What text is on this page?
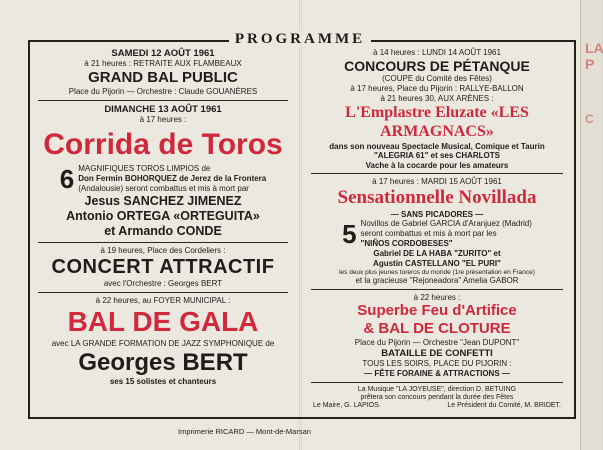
LA P
C
PROGRAMME
SAMEDI 12 AOÛT 1961
à 21 heures : RETRAITE AUX FLAMBEAUX
GRAND BAL PUBLIC
Place du Pijorin — Orchestre : Claude GOUANÈRES
DIMANCHE 13 AOÛT 1961
à 17 heures :
Corrida de Toros
6 MAGNIFIQUES TOROS LIMPIOS de
Don Fermin BOHORQUEZ de Jerez de la Frontera
(Andalousie) seront combattus et mis à mort par
Jesus SANCHEZ JIMENEZ
Antonio ORTEGA «ORTEGUITA»
et Armando CONDE
à 19 heures, Place des Cordeliers :
CONCERT ATTRACTIF
avec l'Orchestre : Georges BERT
à 22 heures, au FOYER MUNICIPAL :
BAL DE GALA
avec LA GRANDE FORMATION DE JAZZ SYMPHONIQUE de
Georges BERT
ses 15 solistes et chanteurs
à 14 heures : LUNDI 14 AOÛT 1961
CONCOURS DE PÉTANQUE
(COUPE du Comité des Fêtes)
à 17 heures, Place du Pijorin : RALLYE-BALLON
à 21 heures 30, AUX ARÈNES :
L'Emplastre Eluzate «LES ARMAGNACS»
dans son nouveau Spectacle Musical, Comique et Taurin
"ALEGRIA 61" et ses CHARLOTS
Vache à la cocarde pour les amateurs
à 17 heures : MARDI 15 AOÛT 1961
Sensationnelle Novillada
— SANS PICADORES —
5 Novillos de Gabriel GARCIA d'Aranjuez (Madrid)
seront combattus et mis à mort par les
"NIÑOS CORDOBESES"
Gabriel DE LA HABA "ZURITO" et
Agustin CASTELLANO "EL PURI"
les deux plus jeunes toreros du monde (1re présentation en France)
et la gracieuse "Rejoneadora" Amelia GABOR
à 22 heures :
Superbe Feu d'Artifice
& BAL DE CLOTURE
Place du Pijorin — Orchestre "Jean DUPONT"
BATAILLE DE CONFETTI
TOUS LES SOIRS, PLACE DU PIJORIN :
— FÊTE FORAINE & ATTRACTIONS —
La Musique "LA JOYEUSE", direction D. BETUING
prêtera son concours pendant la durée des Fêtes
Le Maire, G. LAPIOS.	Le Président du Comité, M. BRIDET.
Imprimerie RICARD — Mont-de-Marsan
